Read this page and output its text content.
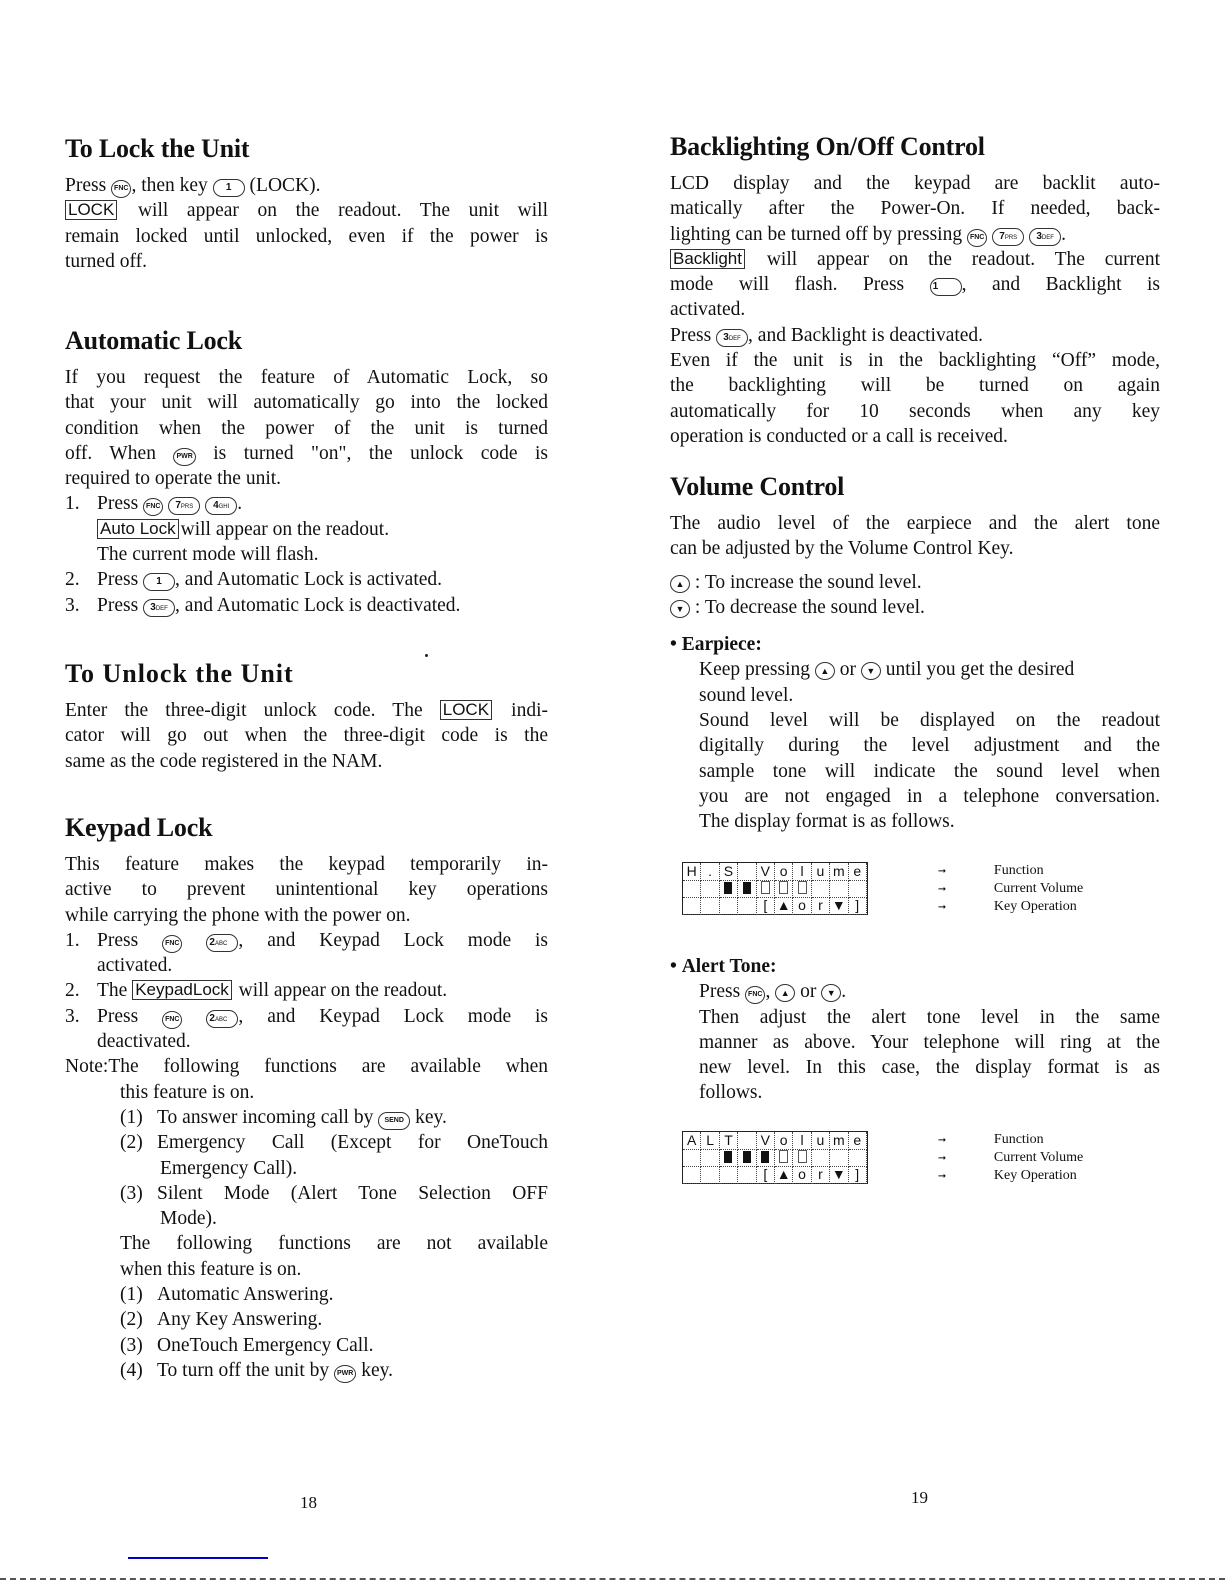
To Lock the Unit
Press FNC , then key 1 (LOCK).
LOCK will appear on the readout. The unit will
remain locked until unlocked, even if the power is
turned off.
Automatic Lock
If you request the feature of Automatic Lock, so
that your unit will automatically go into the locked
condition when the power of the unit is turned
off. When	PWR is turned "on", the unlock code is
required to operate the unit.
1. Press FNC 7PRS 4GHI .
Auto Lock will appear on the readout.
The current mode will flash.
2. Press 1 , and Automatic Lock is activated.
3. Press 3DEF , and Automatic Lock is deactivated.
To Unlock the Unit
Enter the three-digit unlock code. The LOCK indi-
cator will go out when the three-digit code is the
same as the code registered in the NAM.
Keypad Lock
This feature makes the keypad temporarily in-
active to prevent unintentional key operations
while carrying the phone with the power on.
1. Press	FNC	2ABC , and Keypad Lock mode is
activated.
2. The KeypadLock will appear on the readout.
3. Press	FNC	2ABC , and Keypad Lock mode is
deactivated.
Note:The following functions are available when
this feature is on.
(1) To answer incoming call by SEND key.
(2) Emergency Call (Except for OneTouch
Emergency Call).
(3) Silent Mode (Alert Tone Selection OFF
Mode).
The following functions are not available
when this feature is on.
(1) Automatic Answering.
(2) Any Key Answering.
(3) OneTouch Emergency Call.
(4) To turn off the unit by PWR key.
Backlighting On/Off Control
LCD display and the keypad are backlit auto-
matically after the Power-On. If needed, back-
lighting can be turned off by pressing FNC 7PRS 3DEF .
Backlight will appear on the readout. The current
mode will flash. Press	1 , and Backlight is
activated.
Press 3DEF , and Backlight is deactivated.
Even if the unit is in the backlighting “Off” mode,
the backlighting will be turned on again
automatically for 10 seconds when any key
operation is conducted or a call is received.
Volume Control
The audio level of the earpiece and the alert tone
can be adjusted by the Volume Control Key.
▲ : To increase the sound level.
▼ : To decrease the sound level.
• Earpiece:
Keep pressing ▲ or ▼ until you get the desired
sound level.
Sound level will be displayed on the readout
digitally during the level adjustment and the
sample tone will indicate the sound level when
you are not engaged in a telephone conversation.
The display format is as follows.
H . S	V o l u m e
[ ▲ o r ▼ ]
➞	Function
➞	Current Volume
➞	Key Operation
• Alert Tone:
Press FNC , ▲ or ▼ .
Then adjust the alert tone level in the same
manner as above. Your telephone will ring at the
new level. In this case, the display format is as
follows.
A L T	V o l u m e
[ ▲ o r ▼ ]
➞	Function
➞	Current Volume
➞	Key Operation
18	19
